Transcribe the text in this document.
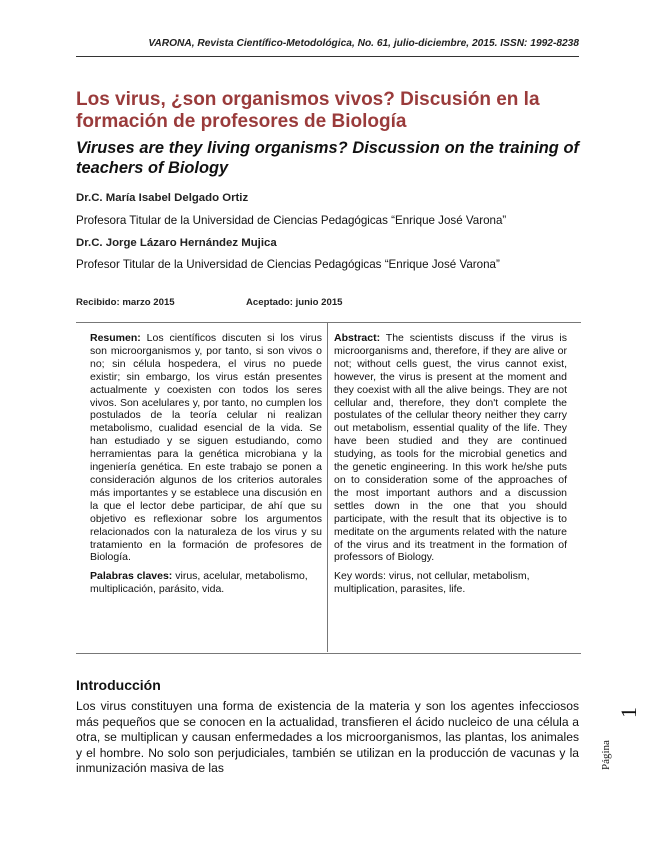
VARONA, Revista Científico-Metodológica, No. 61, julio-diciembre, 2015. ISSN: 1992-8238
Los virus, ¿son organismos vivos? Discusión en la formación de profesores de Biología
Viruses are they living organisms? Discussion on the training of teachers of Biology
Dr.C. María Isabel Delgado Ortiz
Profesora Titular de la Universidad de Ciencias Pedagógicas “Enrique José Varona”
Dr.C. Jorge Lázaro Hernández Mujica
Profesor Titular de la Universidad de Ciencias Pedagógicas “Enrique José Varona”
Recibido: marzo 2015	Aceptado: junio 2015

Resumen: Los científicos discuten si los virus son microorganismos y, por tanto, si son vivos o no; sin célula hospedera, el virus no puede existir; sin embargo, los virus están presentes actualmente y coexisten con todos los seres vivos. Son acelulares y, por tanto, no cumplen los postulados de la teoría celular ni realizan metabolismo, cualidad esencial de la vida. Se han estudiado y se siguen estudiando, como herramientas para la genética microbiana y la ingeniería genética. En este trabajo se ponen a consideración algunos de los criterios autorales más importantes y se establece una discusión en la que el lector debe participar, de ahí que su objetivo es reflexionar sobre los argumentos relacionados con la naturaleza de los virus y su tratamiento en la formación de profesores de Biología.

Palabras claves: virus, acelular, metabolismo, multiplicación, parásito, vida.

Abstract: The scientists discuss if the virus is microorganisms and, therefore, if they are alive or not; without cells guest, the virus cannot exist, however, the virus is present at the moment and they coexist with all the alive beings. They are not cellular and, therefore, they don't complete the postulates of the cellular theory neither they carry out metabolism, essential quality of the life. They have been studied and they are continued studying, as tools for the microbial genetics and the genetic engineering. In this work he/she puts on to consideration some of the approaches of the most important authors and a discussion settles down in the one that you should participate, with the result that its objective is to meditate on the arguments related with the nature of the virus and its treatment in the formation of professors of Biology.

Key words: virus, not cellular, metabolism, multiplication, parasites, life.

Introducción

Los virus constituyen una forma de existencia de la materia y son los agentes infecciosos más pequeños que se conocen en la actualidad, transfieren el ácido nucleico de una célula a otra, se multiplican y causan enfermedades a los microorganismos, las plantas, los animales y el hombre. No solo son perjudiciales, también se utilizan en la producción de vacunas y la inmunización masiva de las	Página
1
